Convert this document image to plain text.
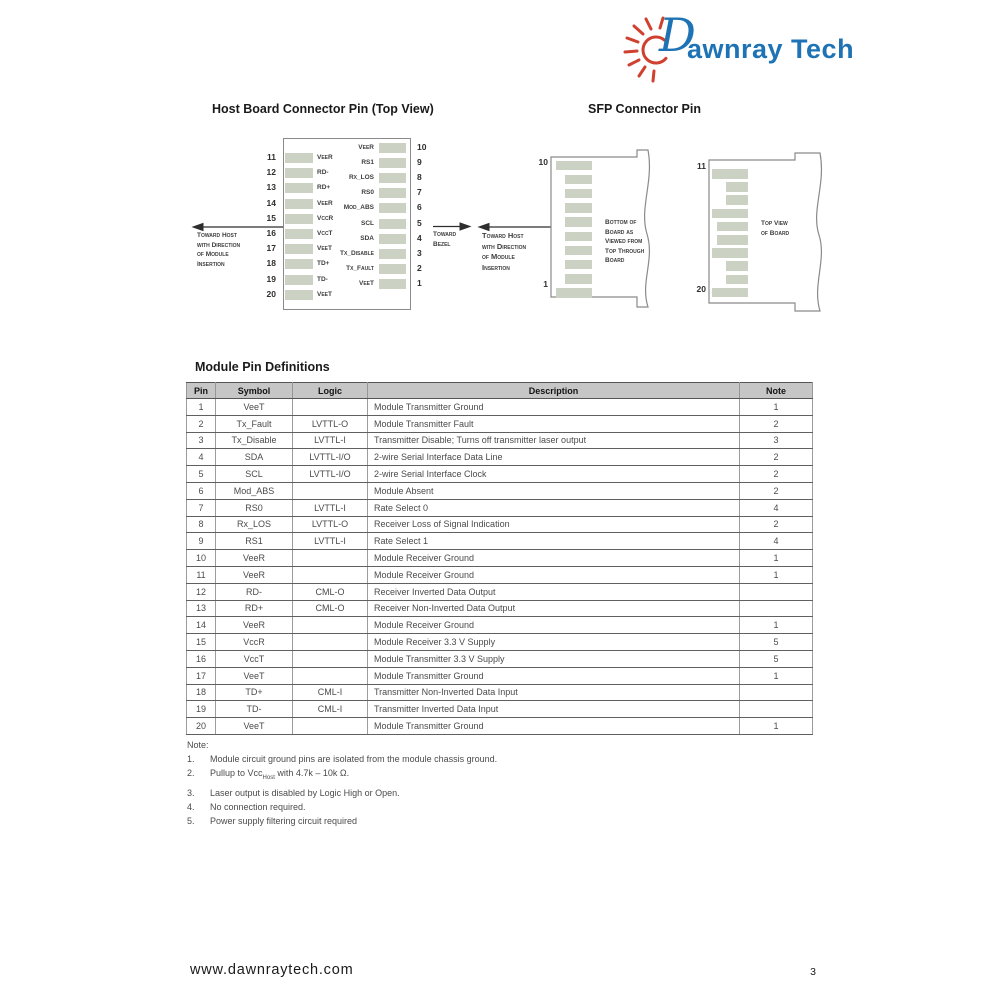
D
awnray Tech
Host Board Connector Pin (Top View)	SFP Connector Pin
10
1
11
20
Module Pin Definitions
Pin	Symbol	Logic	Description	Note
1	VeeT		Module Transmitter Ground	1
2	Tx_Fault	LVTTL-O	Module Transmitter Fault	2
3	Tx_Disable	LVTTL-I	Transmitter Disable; Turns off transmitter laser output	3
4	SDA	LVTTL-I/O	2-wire Serial Interface Data Line	2
5	SCL	LVTTL-I/O	2-wire Serial Interface Clock	2
6	Mod_ABS		Module Absent	2
7	RS0	LVTTL-I	Rate Select 0	4
8	Rx_LOS	LVTTL-O	Receiver Loss of Signal Indication	2
9	RS1	LVTTL-I	Rate Select 1	4
10	VeeR		Module Receiver Ground	1
11	VeeR		Module Receiver Ground	1
12	RD-	CML-O	Receiver Inverted Data Output	
13	RD+	CML-O	Receiver Non-Inverted Data Output	
14	VeeR		Module Receiver Ground	1
15	VccR		Module Receiver 3.3 V Supply	5
16	VccT		Module Transmitter 3.3 V Supply	5
17	VeeT		Module Transmitter Ground	1
18	TD+	CML-I	Transmitter Non-Inverted Data Input	
19	TD-	CML-I	Transmitter Inverted Data Input	
20	VeeT		Module Transmitter Ground	1
Note:
1.	Module circuit ground pins are isolated from the module chassis ground.
2.	Pullup to Vcc$_{Host}$ with 4.7k – 10k Ω.
3.	Laser output is disabled by Logic High or Open.
4.	No connection required.
5.	Power supply filtering circuit required
www.dawnraytech.com	3
11	VeeR
12	RD-
13	RD+
14	VeeR
15	VccR
16	VccT
17	VeeT
18	TD+
19	TD-
20	VeeT
10
VeeR
9
RS1
8
Rx_LOS
7
RS0
6
Mod_ABS
5
SCL
4
SDA
3
Tx_Disable
2
Tx_Fault
1
VeeT
Toward Host
with Direction
of Module
Insertion
Toward
Bezel
Toward Host
with Direction
of Module
Insertion
Bottom of
Board as
Viewed from
Top Through
Board
Top View
of Board
